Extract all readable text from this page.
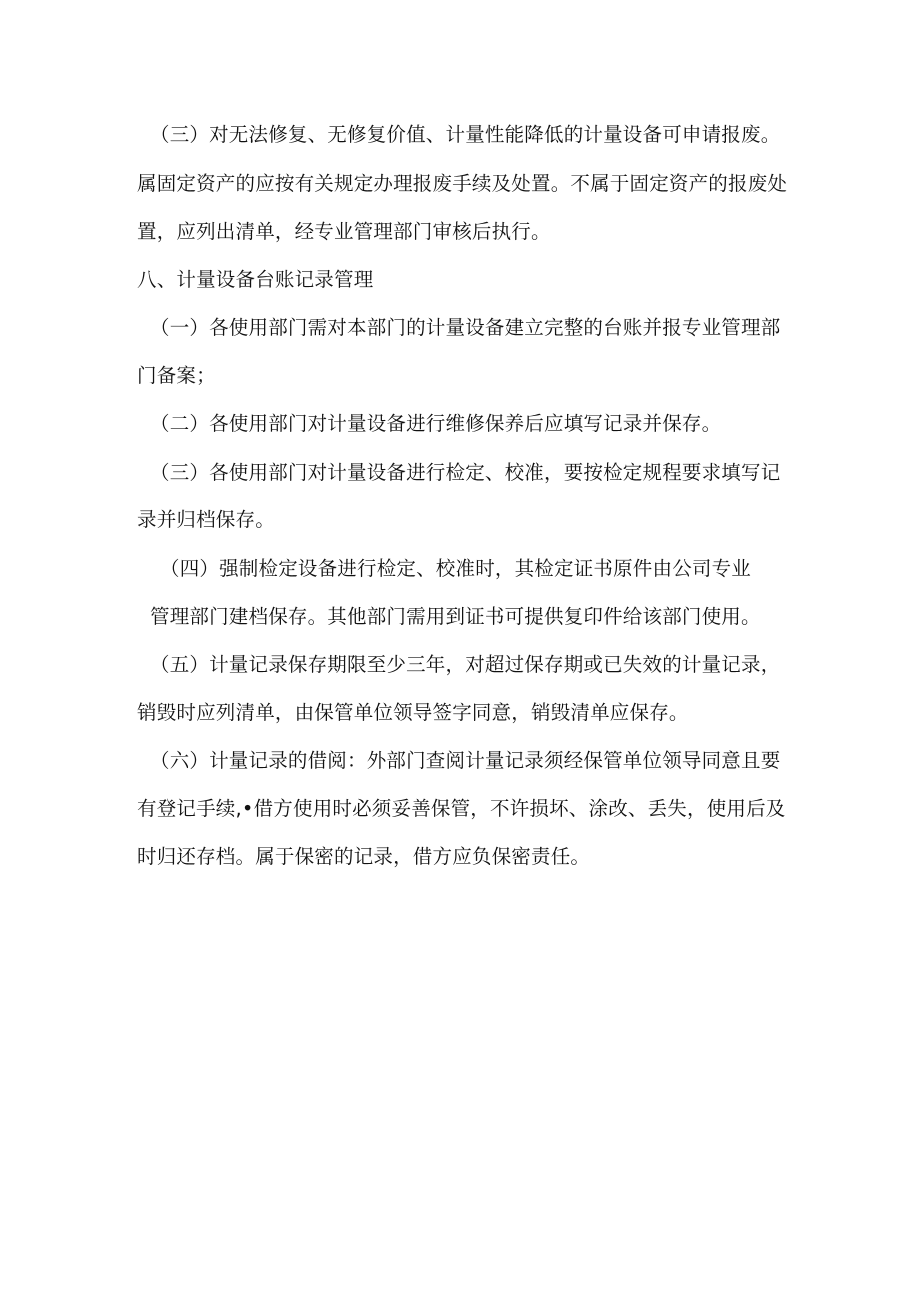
（三）对无法修复、无修复价值、计量性能降低的计量设备可申请报废。
属固定资产的应按有关规定办理报废手续及处置。不属于固定资产的报废处
置，应列出清单，经专业管理部门审核后执行。
八、计量设备台账记录管理
（一）各使用部门需对本部门的计量设备建立完整的台账并报专业管理部
门备案；
（二）各使用部门对计量设备进行维修保养后应填写记录并保存。
（三）各使用部门对计量设备进行检定、校准，要按检定规程要求填写记
录并归档保存。
（四）强制检定设备进行检定、校准时，其检定证书原件由公司专业
管理部门建档保存。其他部门需用到证书可提供复印件给该部门使用。
（五）计量记录保存期限至少三年，对超过保存期或已失效的计量记录，
销毁时应列清单，由保管单位领导签字同意，销毁清单应保存。
（六）计量记录的借阅：外部门查阅计量记录须经保管单位领导同意且要
有登记手续,•借方使用时必须妥善保管，不许损坏、涂改、丢失，使用后及
时归还存档。属于保密的记录，借方应负保密责任。
